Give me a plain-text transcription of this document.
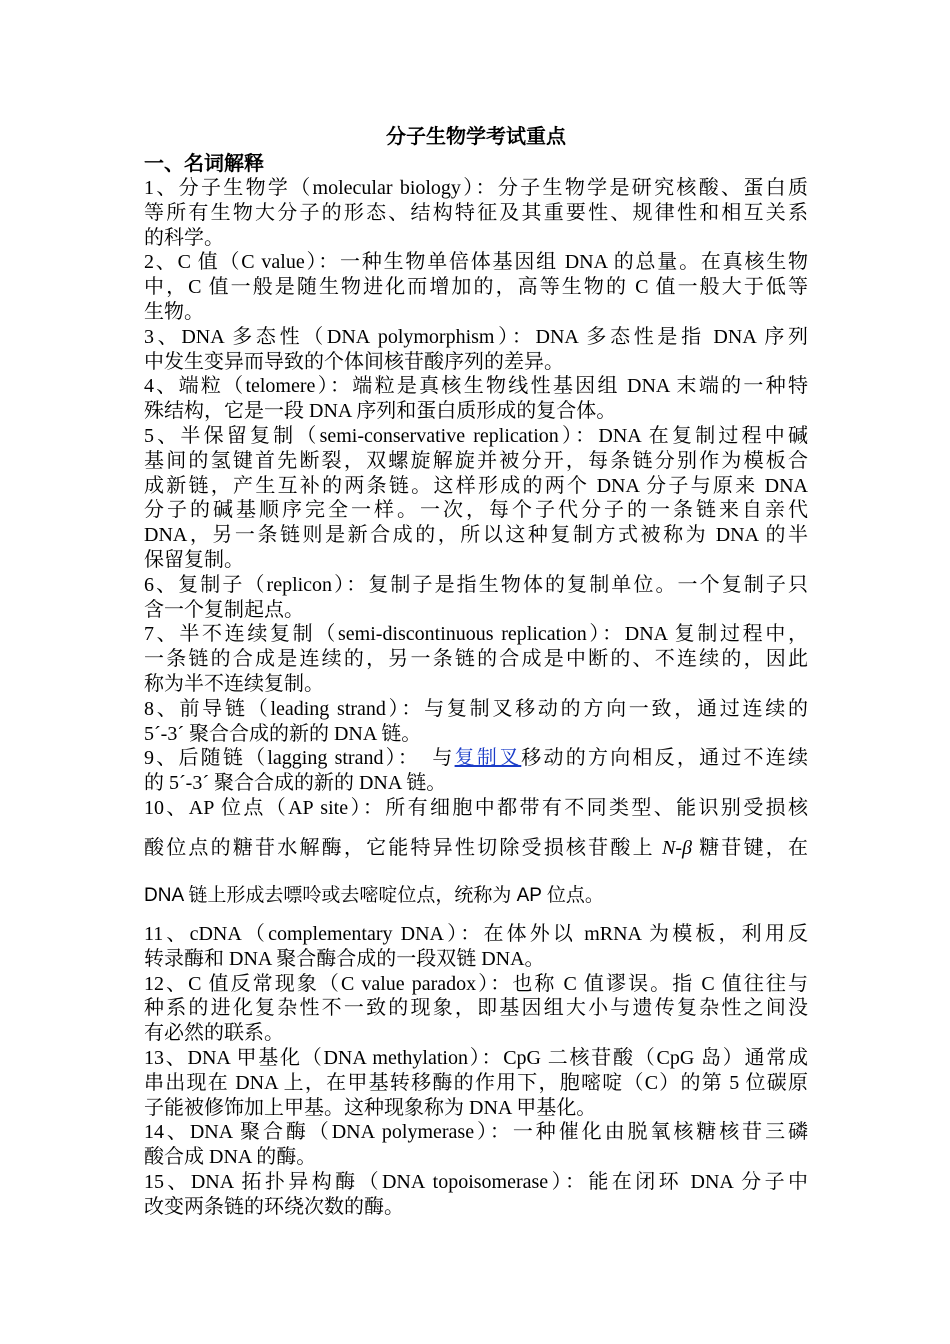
分子生物学考试重点
一、名词解释
1、分子生物学（molecular biology）：分子生物学是研究核酸、蛋白质
等所有生物大分子的形态、结构特征及其重要性、规律性和相互关系
的科学。
2、C 值（C value）：一种生物单倍体基因组 DNA 的总量。在真核生物
中，C 值一般是随生物进化而增加的，高等生物的 C 值一般大于低等
生物。
3、DNA 多态性（DNA polymorphism）：DNA 多态性是指 DNA 序列
中发生变异而导致的个体间核苷酸序列的差异。
4、端粒（telomere）：端粒是真核生物线性基因组 DNA 末端的一种特
殊结构，它是一段 DNA 序列和蛋白质形成的复合体。
5、半保留复制（semi-conservative replication）：DNA 在复制过程中碱
基间的氢键首先断裂，双螺旋解旋并被分开，每条链分别作为模板合
成新链，产生互补的两条链。这样形成的两个 DNA 分子与原来 DNA
分子的碱基顺序完全一样。一次，每个子代分子的一条链来自亲代
DNA，另一条链则是新合成的，所以这种复制方式被称为 DNA 的半
保留复制。
6、复制子（replicon）：复制子是指生物体的复制单位。一个复制子只
含一个复制起点。
7、半不连续复制（semi-discontinuous replication）：DNA 复制过程中，
一条链的合成是连续的，另一条链的合成是中断的、不连续的，因此
称为半不连续复制。
8、前导链（leading strand）：与复制叉移动的方向一致，通过连续的
5´-3´ 聚合合成的新的 DNA 链。
9、后随链（lagging strand）：　与复制叉移动的方向相反，通过不连续
的 5´-3´ 聚合合成的新的 DNA 链。
10、AP 位点（AP site）：所有细胞中都带有不同类型、能识别受损核
酸位点的糖苷水解酶，它能特异性切除受损核苷酸上 N-β 糖苷键，在
DNA 链上形成去嘌呤或去嘧啶位点，统称为 AP 位点。
11、cDNA（complementary DNA）：在体外以 mRNA 为模板，利用反
转录酶和 DNA 聚合酶合成的一段双链 DNA。
12、C 值反常现象（C value paradox）：也称 C 值谬误。指 C 值往往与
种系的进化复杂性不一致的现象，即基因组大小与遗传复杂性之间没
有必然的联系。
13、DNA 甲基化（DNA methylation）：CpG 二核苷酸（CpG 岛）通常成
串出现在 DNA 上，在甲基转移酶的作用下，胞嘧啶（C）的第 5 位碳原
子能被修饰加上甲基。这种现象称为 DNA 甲基化。
14、DNA 聚合酶（DNA polymerase）：一种催化由脱氧核糖核苷三磷
酸合成 DNA 的酶。
15、DNA 拓扑异构酶（DNA topoisomerase）：能在闭环 DNA 分子中
改变两条链的环绕次数的酶。
